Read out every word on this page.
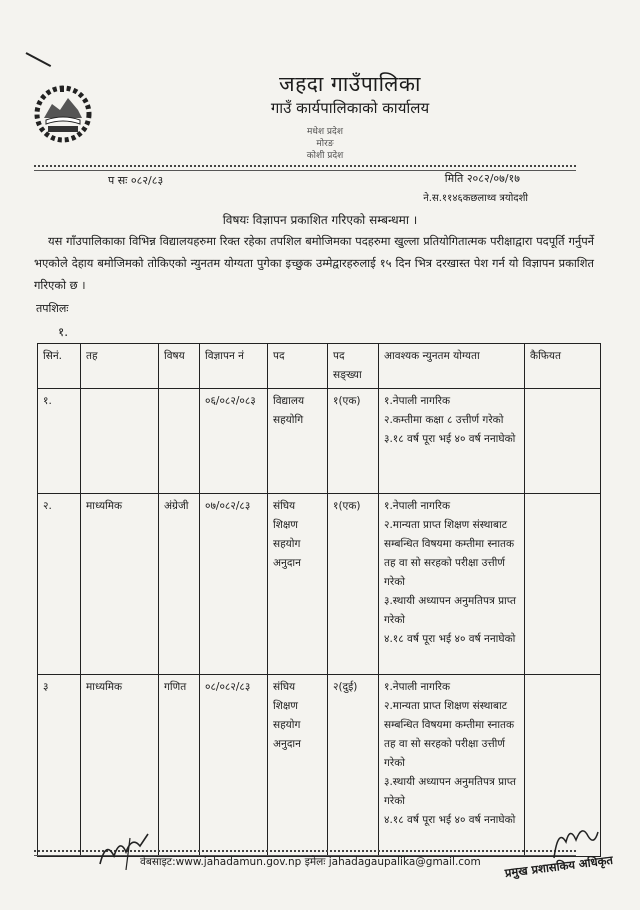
जहदा गाउँपालिका
गाउँ कार्यपालिकाको कार्यालय
मधेश प्रदेश
मोरङ
कोशी प्रदेश
प सः ०८२/८३	मिति २०८२/०७/१७
ने.स.११४६कछलाथ्व त्रयोदशी
विषयः विज्ञापन प्रकाशित गरिएको सम्बन्धमा ।
यस गाँउपालिकाका विभिन्न विद्यालयहरुमा रिक्त रहेका तपशिल बमोजिमका पदहरुमा खुल्ला प्रतियोगितात्मक परीक्षाद्वारा पदपूर्ति गर्नुपर्ने भएकोले देहाय बमोजिमको तोकिएको न्युनतम योग्यता पुगेका इच्छुक उम्मेद्वारहरुलाई १५ दिन भित्र दरखास्त पेश गर्न यो विज्ञापन प्रकाशित गरिएको छ ।
तपशिलः
१.
सिनं.	तह	विषय	विज्ञापन नं	पद	पद सङ्ख्या	आवश्यक न्युनतम योग्यता	कैफियत
१.			०६/०८२/०८३	विद्यालय सहयोगि	१(एक)	१.नेपाली नागरिक
२.कम्तीमा कक्षा ८ उत्तीर्ण गरेको
३.१८ वर्ष पूरा भई ४० वर्ष ननाघेको	

२.	माध्यमिक	अंग्रेजी	०७/०८२/८३	संघिय शिक्षण सहयोग अनुदान	१(एक)	१.नेपाली नागरिक
२.मान्यता प्राप्त शिक्षण संस्थाबाट सम्बन्धित विषयमा कम्तीमा स्नातक तह वा सो सरहको परीक्षा उत्तीर्ण गरेको
३.स्थायी अध्यापन अनुमतिपत्र प्राप्त गरेको
४.१८ वर्ष पूरा भई ४० वर्ष ननाघेको	

३	माध्यमिक	गणित	०८/०८२/८३	संघिय शिक्षण सहयोग अनुदान	२(दुई)	१.नेपाली नागरिक
२.मान्यता प्राप्त शिक्षण संस्थाबाट सम्बन्धित विषयमा कम्तीमा स्नातक तह वा सो सरहको परीक्षा उत्तीर्ण गरेको
३.स्थायी अध्यापन अनुमतिपत्र प्राप्त गरेको
४.१८ वर्ष पूरा भई ४० वर्ष ननाघेको	

वेबसाइट:www.jahadamun.gov.np इमेलः jahadagaupalika@gmail.com प्रमुख प्रशासकिय अधिकृत
